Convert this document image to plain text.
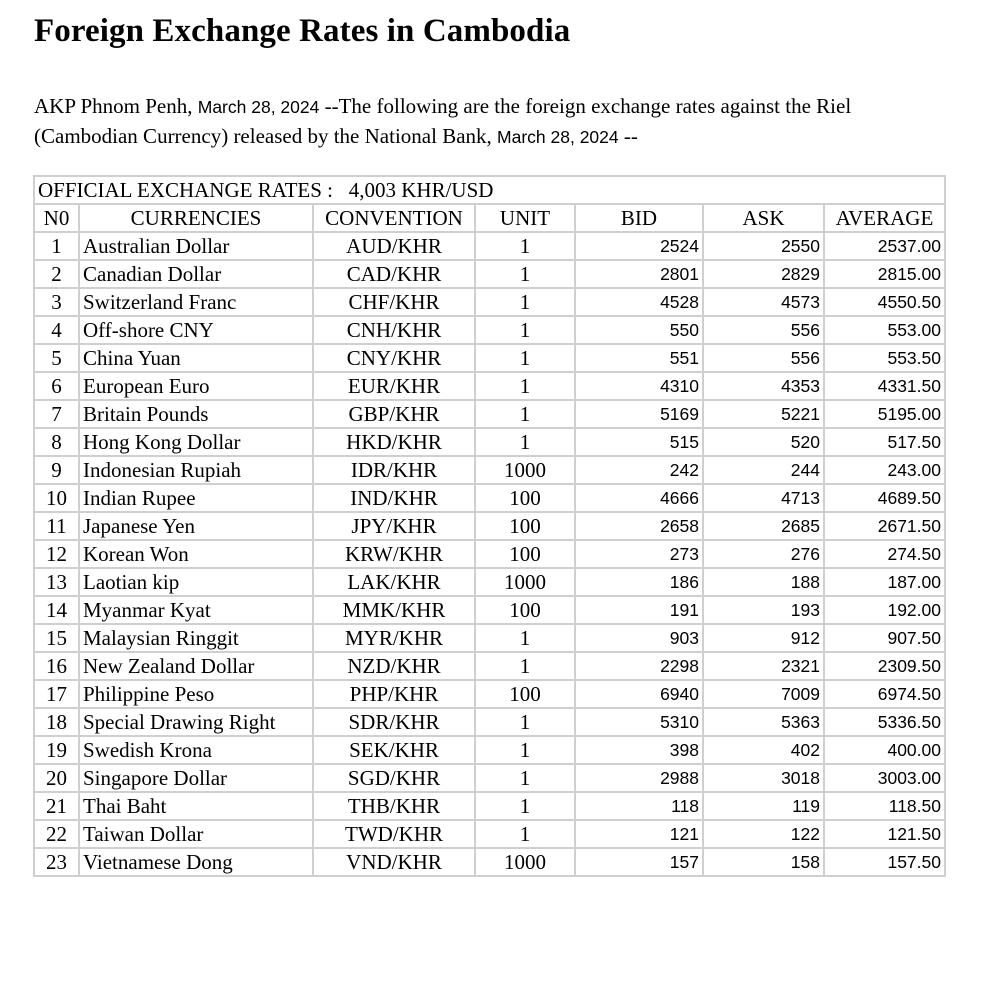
Foreign Exchange Rates in Cambodia

AKP Phnom Penh, March 28, 2024 --The following are the foreign exchange rates against the Riel (Cambodian Currency) released by the National Bank, March 28, 2024 --

OFFICIAL EXCHANGE RATES :   4,003 KHR/USD						
N0	CURRENCIES	CONVENTION	UNIT	BID	ASK	AVERAGE
1	Australian Dollar	AUD/KHR	1	2524	2550	2537.00
2	Canadian Dollar	CAD/KHR	1	2801	2829	2815.00
3	Switzerland Franc	CHF/KHR	1	4528	4573	4550.50
4	Off-shore CNY	CNH/KHR	1	550	556	553.00
5	China Yuan	CNY/KHR	1	551	556	553.50
6	European Euro	EUR/KHR	1	4310	4353	4331.50
7	Britain Pounds	GBP/KHR	1	5169	5221	5195.00
8	Hong Kong Dollar	HKD/KHR	1	515	520	517.50
9	Indonesian Rupiah	IDR/KHR	1000	242	244	243.00
10	Indian Rupee	IND/KHR	100	4666	4713	4689.50
11	Japanese Yen	JPY/KHR	100	2658	2685	2671.50
12	Korean Won	KRW/KHR	100	273	276	274.50
13	Laotian kip	LAK/KHR	1000	186	188	187.00
14	Myanmar Kyat	MMK/KHR	100	191	193	192.00
15	Malaysian Ringgit	MYR/KHR	1	903	912	907.50
16	New Zealand Dollar	NZD/KHR	1	2298	2321	2309.50
17	Philippine Peso	PHP/KHR	100	6940	7009	6974.50
18	Special Drawing Right	SDR/KHR	1	5310	5363	5336.50
19	Swedish Krona	SEK/KHR	1	398	402	400.00
20	Singapore Dollar	SGD/KHR	1	2988	3018	3003.00
21	Thai Baht	THB/KHR	1	118	119	118.50
22	Taiwan Dollar	TWD/KHR	1	121	122	121.50
23	Vietnamese Dong	VND/KHR	1000	157	158	157.50
